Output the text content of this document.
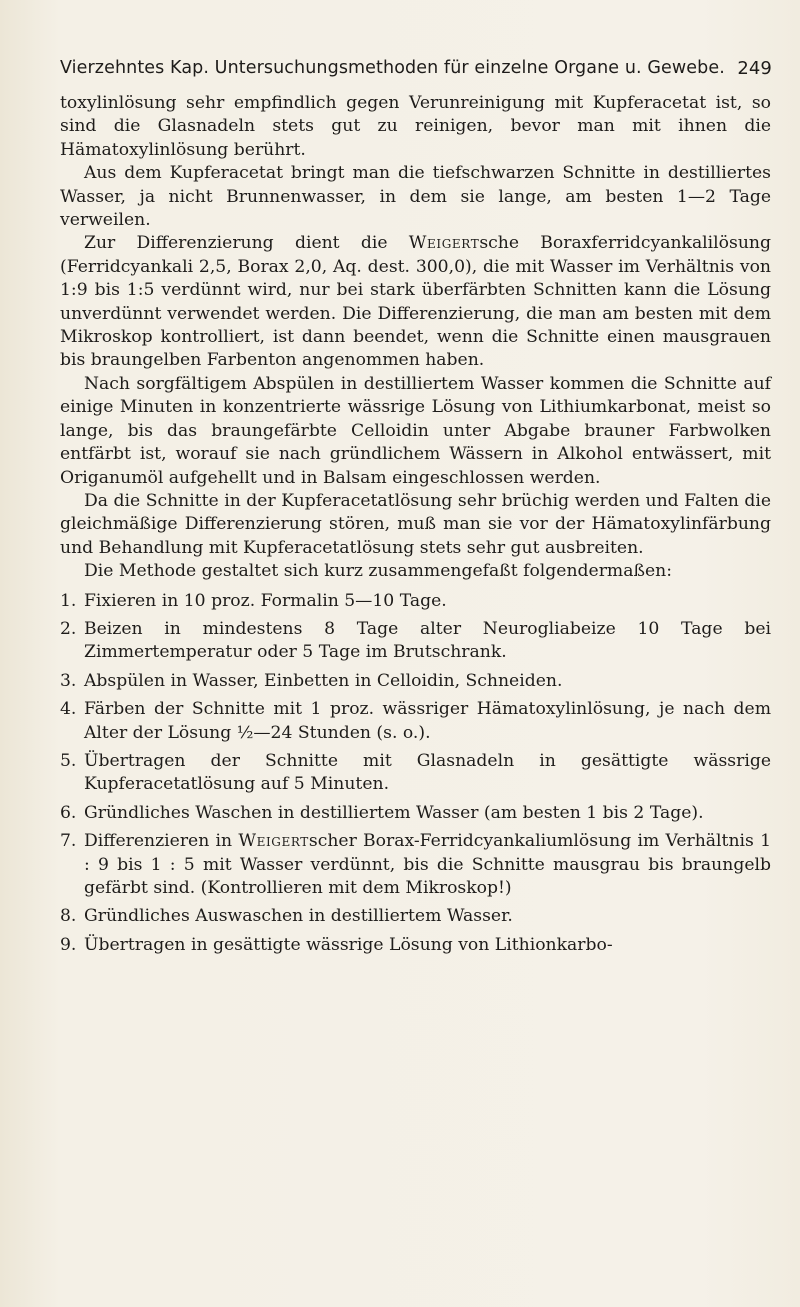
Vierzehntes Kap. Untersuchungsmethoden für einzelne Organe u. Gewebe. 249

toxylinlösung sehr empfindlich gegen Verunreinigung mit Kupferacetat ist, so sind die Glasnadeln stets gut zu reinigen, bevor man mit ihnen die Hämatoxylinlösung berührt.

Aus dem Kupferacetat bringt man die tiefschwarzen Schnitte in destilliertes Wasser, ja nicht Brunnenwasser, in dem sie lange, am besten 1—2 Tage verweilen.

Zur Differenzierung dient die Weigertsche Boraxferridcyankalilösung (Ferridcyankali 2,5, Borax 2,0, Aq. dest. 300,0), die mit Wasser im Verhältnis von 1:9 bis 1:5 verdünnt wird, nur bei stark überfärbten Schnitten kann die Lösung unverdünnt verwendet werden. Die Differenzierung, die man am besten mit dem Mikroskop kontrolliert, ist dann beendet, wenn die Schnitte einen mausgrauen bis braungelben Farbenton angenommen haben.

Nach sorgfältigem Abspülen in destilliertem Wasser kommen die Schnitte auf einige Minuten in konzentrierte wässrige Lösung von Lithiumkarbonat, meist so lange, bis das braungefärbte Celloidin unter Abgabe brauner Farbwolken entfärbt ist, worauf sie nach gründlichem Wässern in Alkohol entwässert, mit Origanumöl aufgehellt und in Balsam eingeschlossen werden.

Da die Schnitte in der Kupferacetatlösung sehr brüchig werden und Falten die gleichmäßige Differenzierung stören, muß man sie vor der Hämatoxylinfärbung und Behandlung mit Kupferacetatlösung stets sehr gut ausbreiten.

Die Methode gestaltet sich kurz zusammengefaßt folgendermaßen:

1. Fixieren in 10 proz. Formalin 5—10 Tage.
2. Beizen in mindestens 8 Tage alter Neurogliabeize 10 Tage bei Zimmertemperatur oder 5 Tage im Brutschrank.
3. Abspülen in Wasser, Einbetten in Celloidin, Schneiden.
4. Färben der Schnitte mit 1 proz. wässriger Hämatoxylinlösung, je nach dem Alter der Lösung ½—24 Stunden (s. o.).
5. Übertragen der Schnitte mit Glasnadeln in gesättigte wässrige Kupferacetatlösung auf 5 Minuten.
6. Gründliches Waschen in destilliertem Wasser (am besten 1 bis 2 Tage).
7. Differenzieren in Weigertscher Borax-Ferridcyankaliumlösung im Verhältnis 1 : 9 bis 1 : 5 mit Wasser verdünnt, bis die Schnitte mausgrau bis braungelb gefärbt sind. (Kontrollieren mit dem Mikroskop!)
8. Gründliches Auswaschen in destilliertem Wasser.
9. Übertragen in gesättigte wässrige Lösung von Lithionkarbo-
